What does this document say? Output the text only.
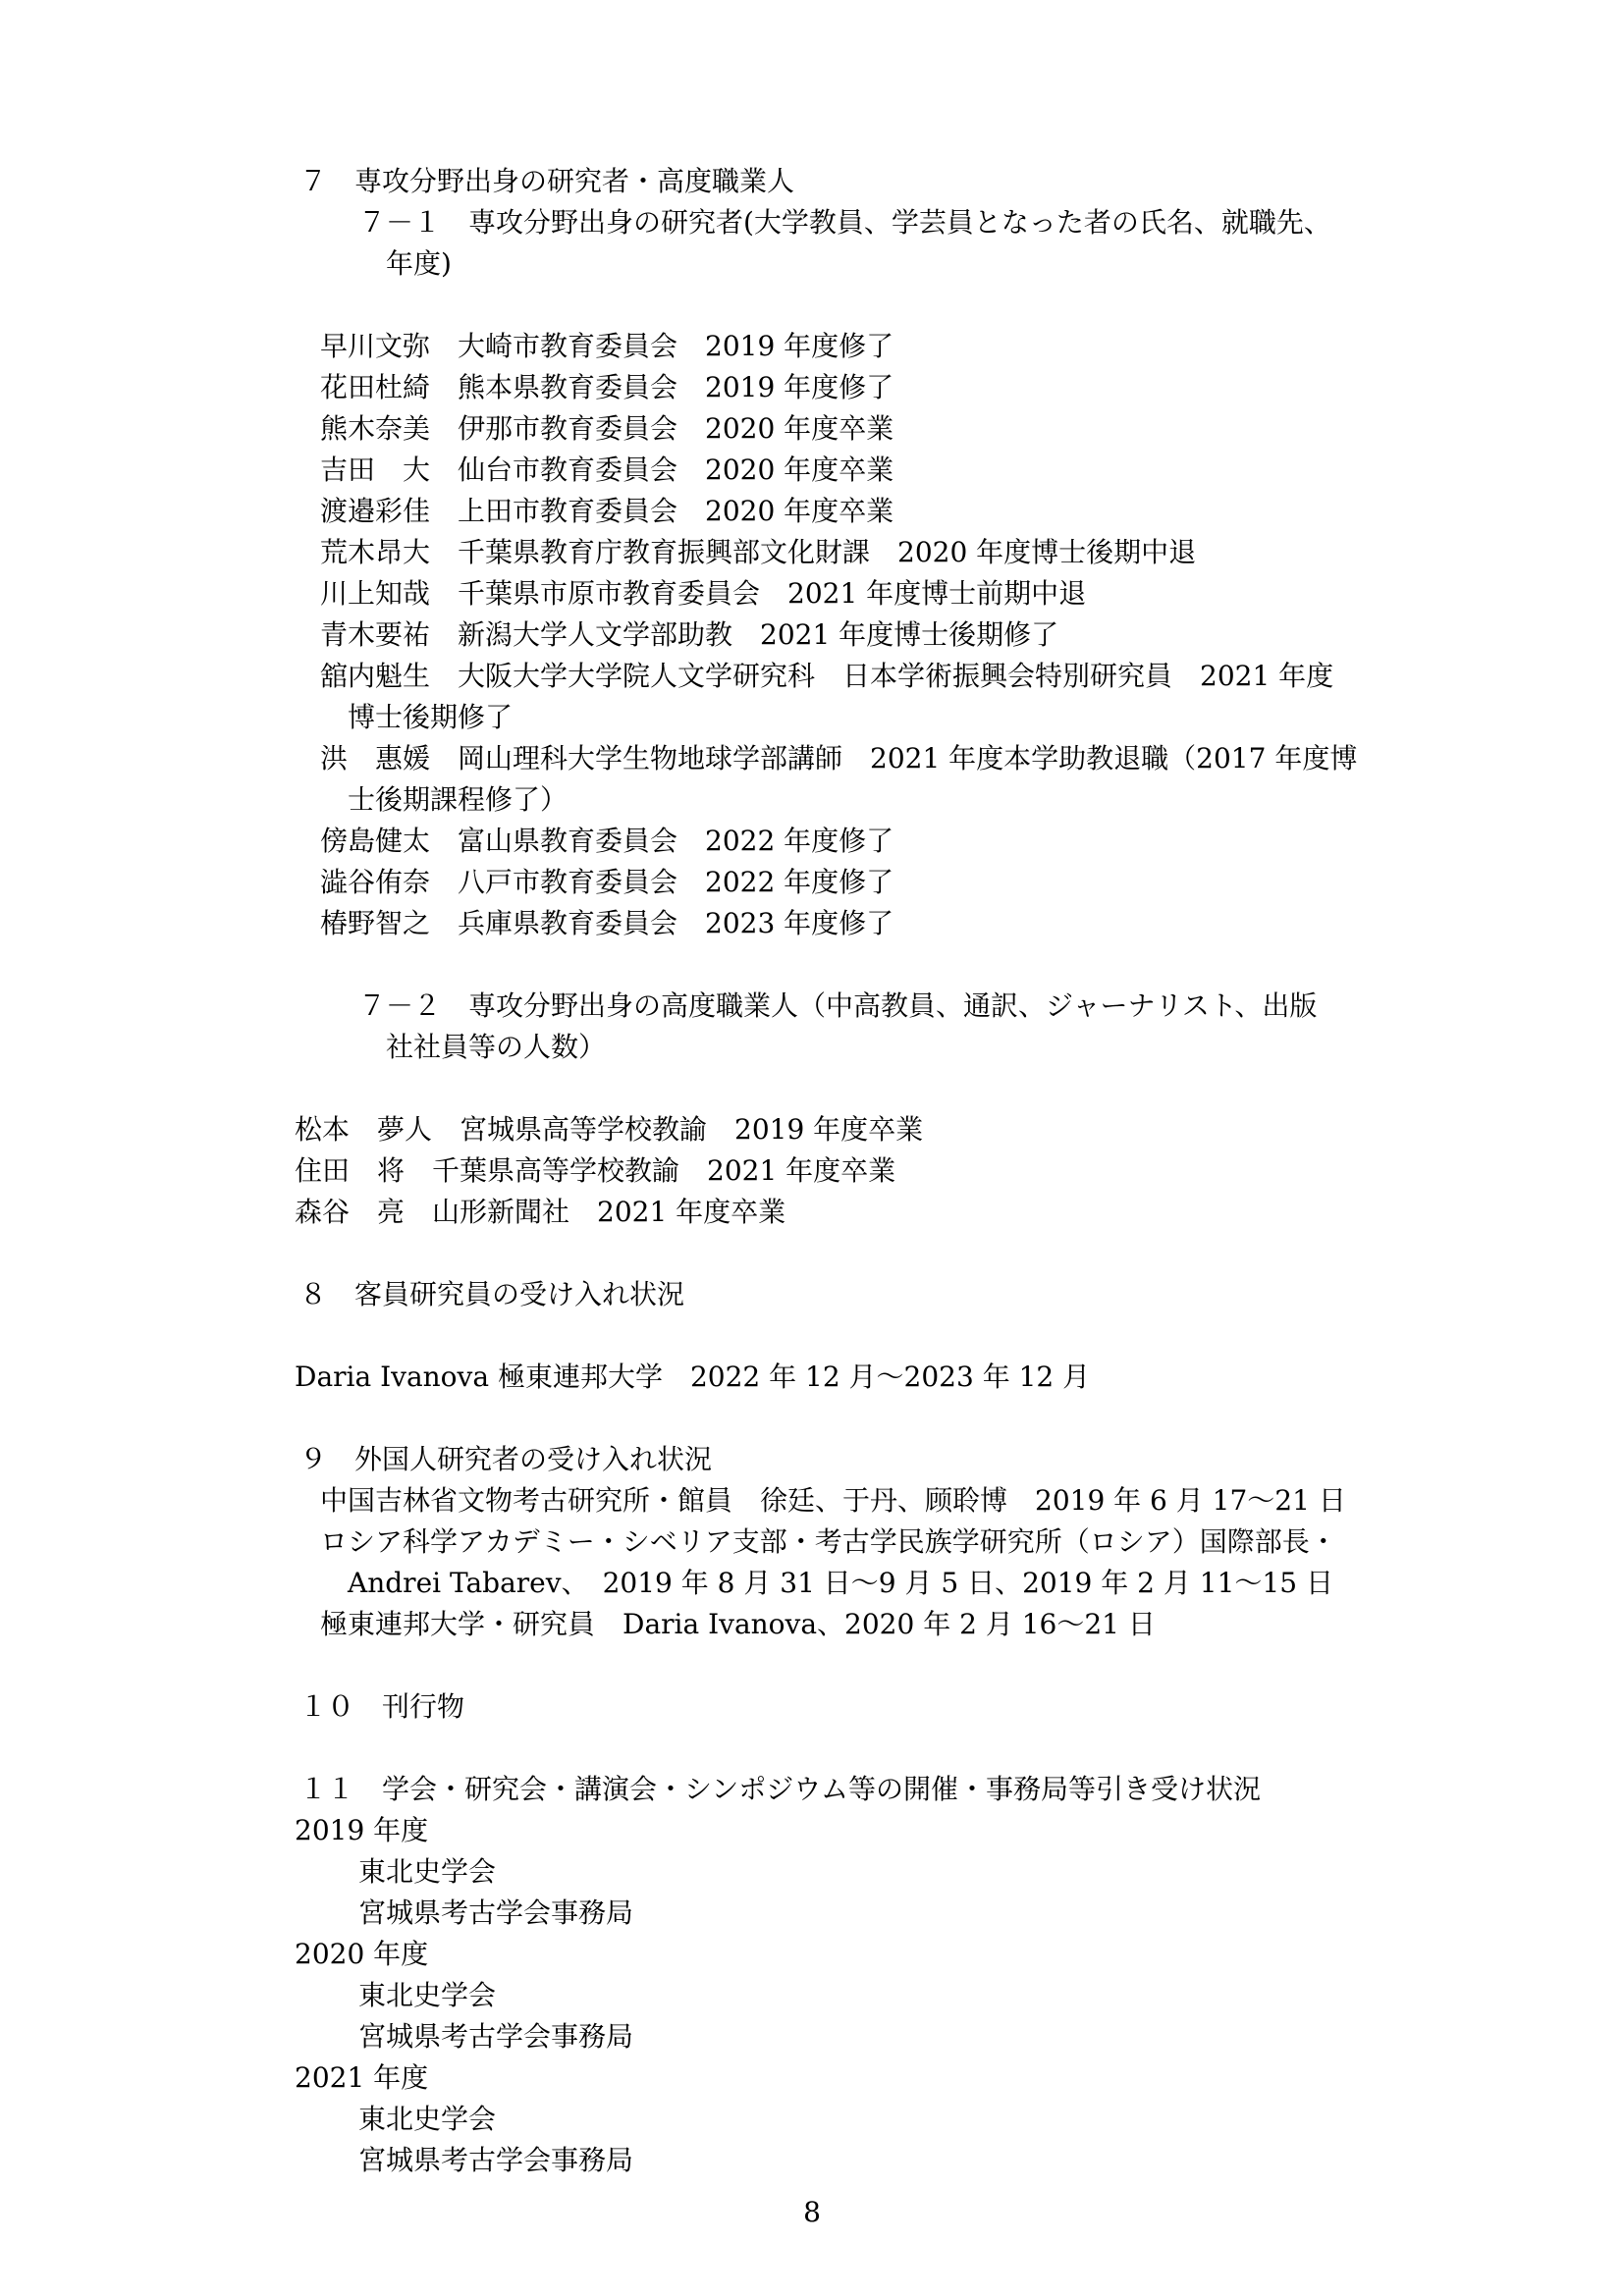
７　専攻分野出身の研究者・高度職業人
７－１　専攻分野出身の研究者(大学教員、学芸員となった者の氏名、就職先、
年度)
早川文弥　大崎市教育委員会　2019 年度修了
花田杜綺　熊本県教育委員会　2019 年度修了
熊木奈美　伊那市教育委員会　2020 年度卒業
吉田　大　仙台市教育委員会　2020 年度卒業
渡邉彩佳　上田市教育委員会　2020 年度卒業
荒木昂大　千葉県教育庁教育振興部文化財課　2020 年度博士後期中退
川上知哉　千葉県市原市教育委員会　2021 年度博士前期中退
青木要祐　新潟大学人文学部助教　2021 年度博士後期修了
舘内魁生　大阪大学大学院人文学研究科　日本学術振興会特別研究員　2021 年度
博士後期修了
洪　惠媛　岡山理科大学生物地球学部講師　2021 年度本学助教退職（2017 年度博
士後期課程修了）
傍島健太　富山県教育委員会　2022 年度修了
澁谷侑奈　八戸市教育委員会　2022 年度修了
椿野智之　兵庫県教育委員会　2023 年度修了
７－２　専攻分野出身の高度職業人（中高教員、通訳、ジャーナリスト、出版
社社員等の人数）
松本　夢人　宮城県高等学校教諭　2019 年度卒業
住田　将　千葉県高等学校教諭　2021 年度卒業
森谷　亮　山形新聞社　2021 年度卒業
８　客員研究員の受け入れ状況
Daria Ivanova 極東連邦大学　2022 年 12 月～2023 年 12 月
９　外国人研究者の受け入れ状況
中国吉林省文物考古研究所・館員　徐廷、于丹、顾聆博　2019 年 6 月 17～21 日
ロシア科学アカデミー・シベリア支部・考古学民族学研究所（ロシア）国際部長・
Andrei Tabarev、　2019 年 8 月 31 日～9 月 5 日、2019 年 2 月 11～15 日
極東連邦大学・研究員　Daria Ivanova、2020 年 2 月 16～21 日
１０　刊行物
１１　学会・研究会・講演会・シンポジウム等の開催・事務局等引き受け状況
2019 年度
東北史学会
宮城県考古学会事務局
2020 年度
東北史学会
宮城県考古学会事務局
2021 年度
東北史学会
宮城県考古学会事務局
8
